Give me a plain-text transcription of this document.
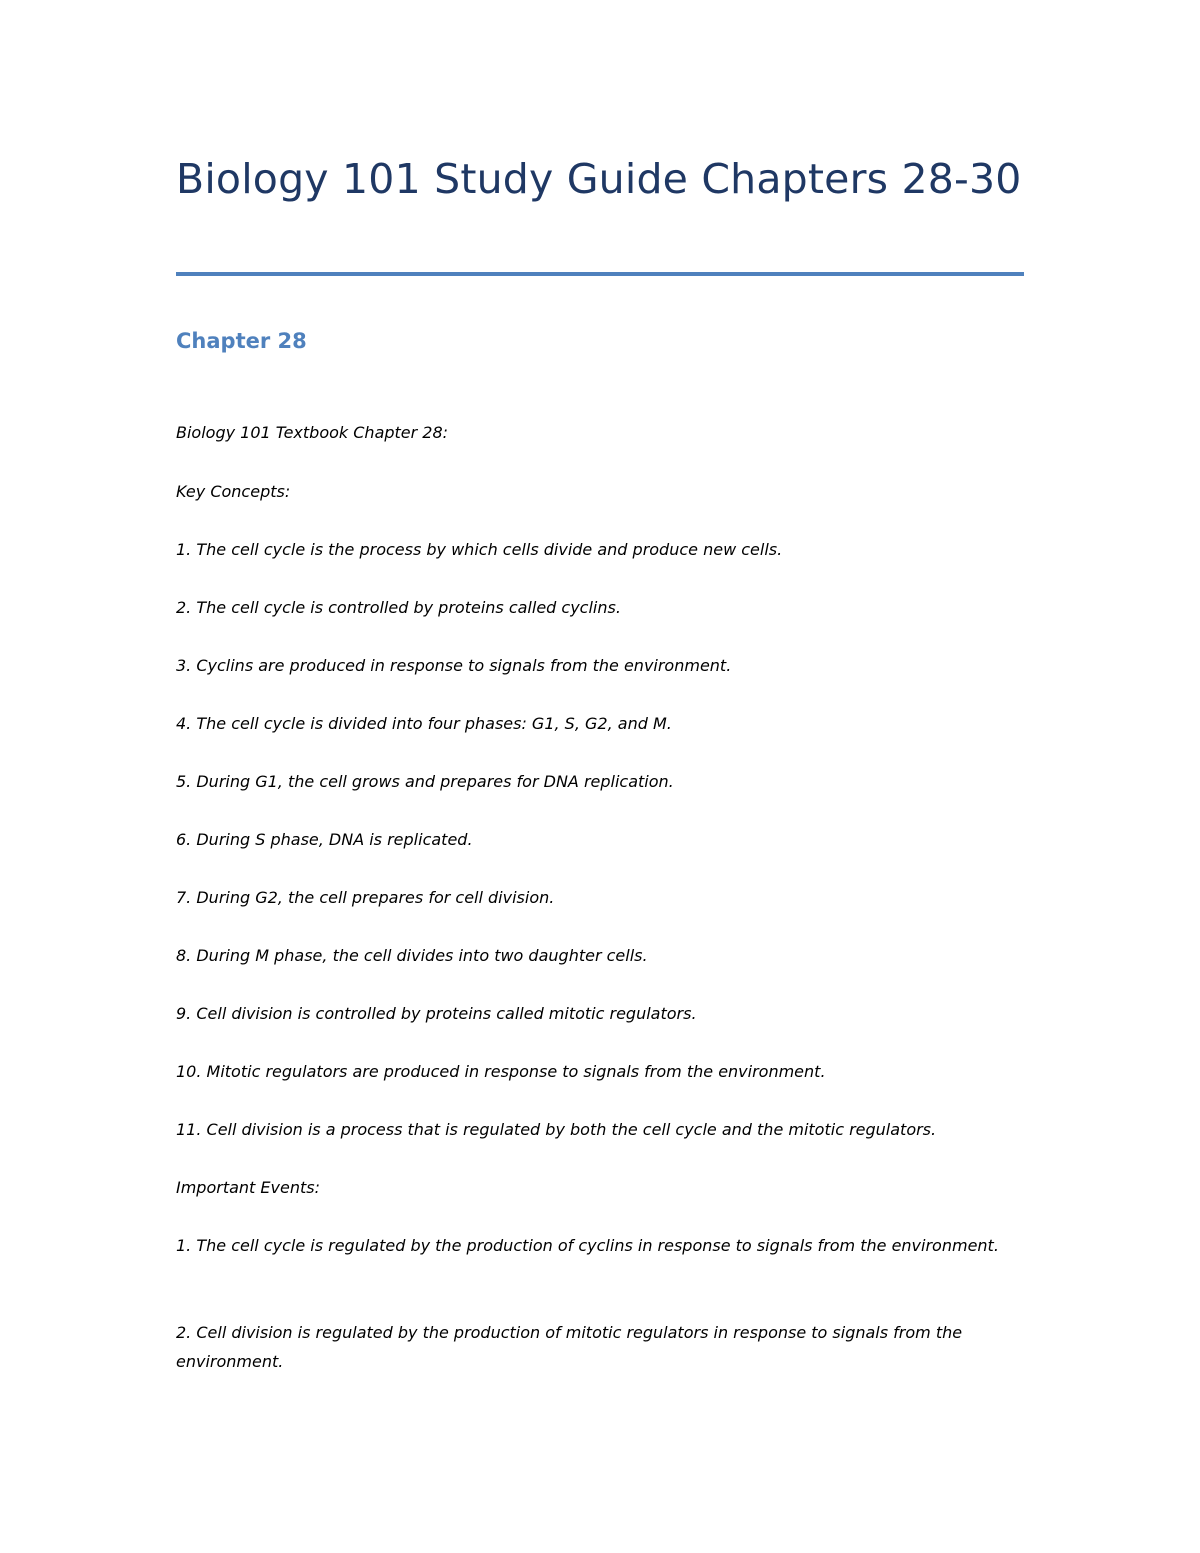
Biology 101 Study Guide Chapters 28-30
Chapter 28

Biology 101 Textbook Chapter 28:

Key Concepts:

1. The cell cycle is the process by which cells divide and produce new cells.

2. The cell cycle is controlled by proteins called cyclins.

3. Cyclins are produced in response to signals from the environment.

4. The cell cycle is divided into four phases: G1, S, G2, and M.

5. During G1, the cell grows and prepares for DNA replication.

6. During S phase, DNA is replicated.

7. During G2, the cell prepares for cell division.

8. During M phase, the cell divides into two daughter cells.

9. Cell division is controlled by proteins called mitotic regulators.

10. Mitotic regulators are produced in response to signals from the environment.

11. Cell division is a process that is regulated by both the cell cycle and the mitotic regulators.

Important Events:

1. The cell cycle is regulated by the production of cyclins in response to signals from the environment.

2. Cell division is regulated by the production of mitotic regulators in response to signals from the environment.
